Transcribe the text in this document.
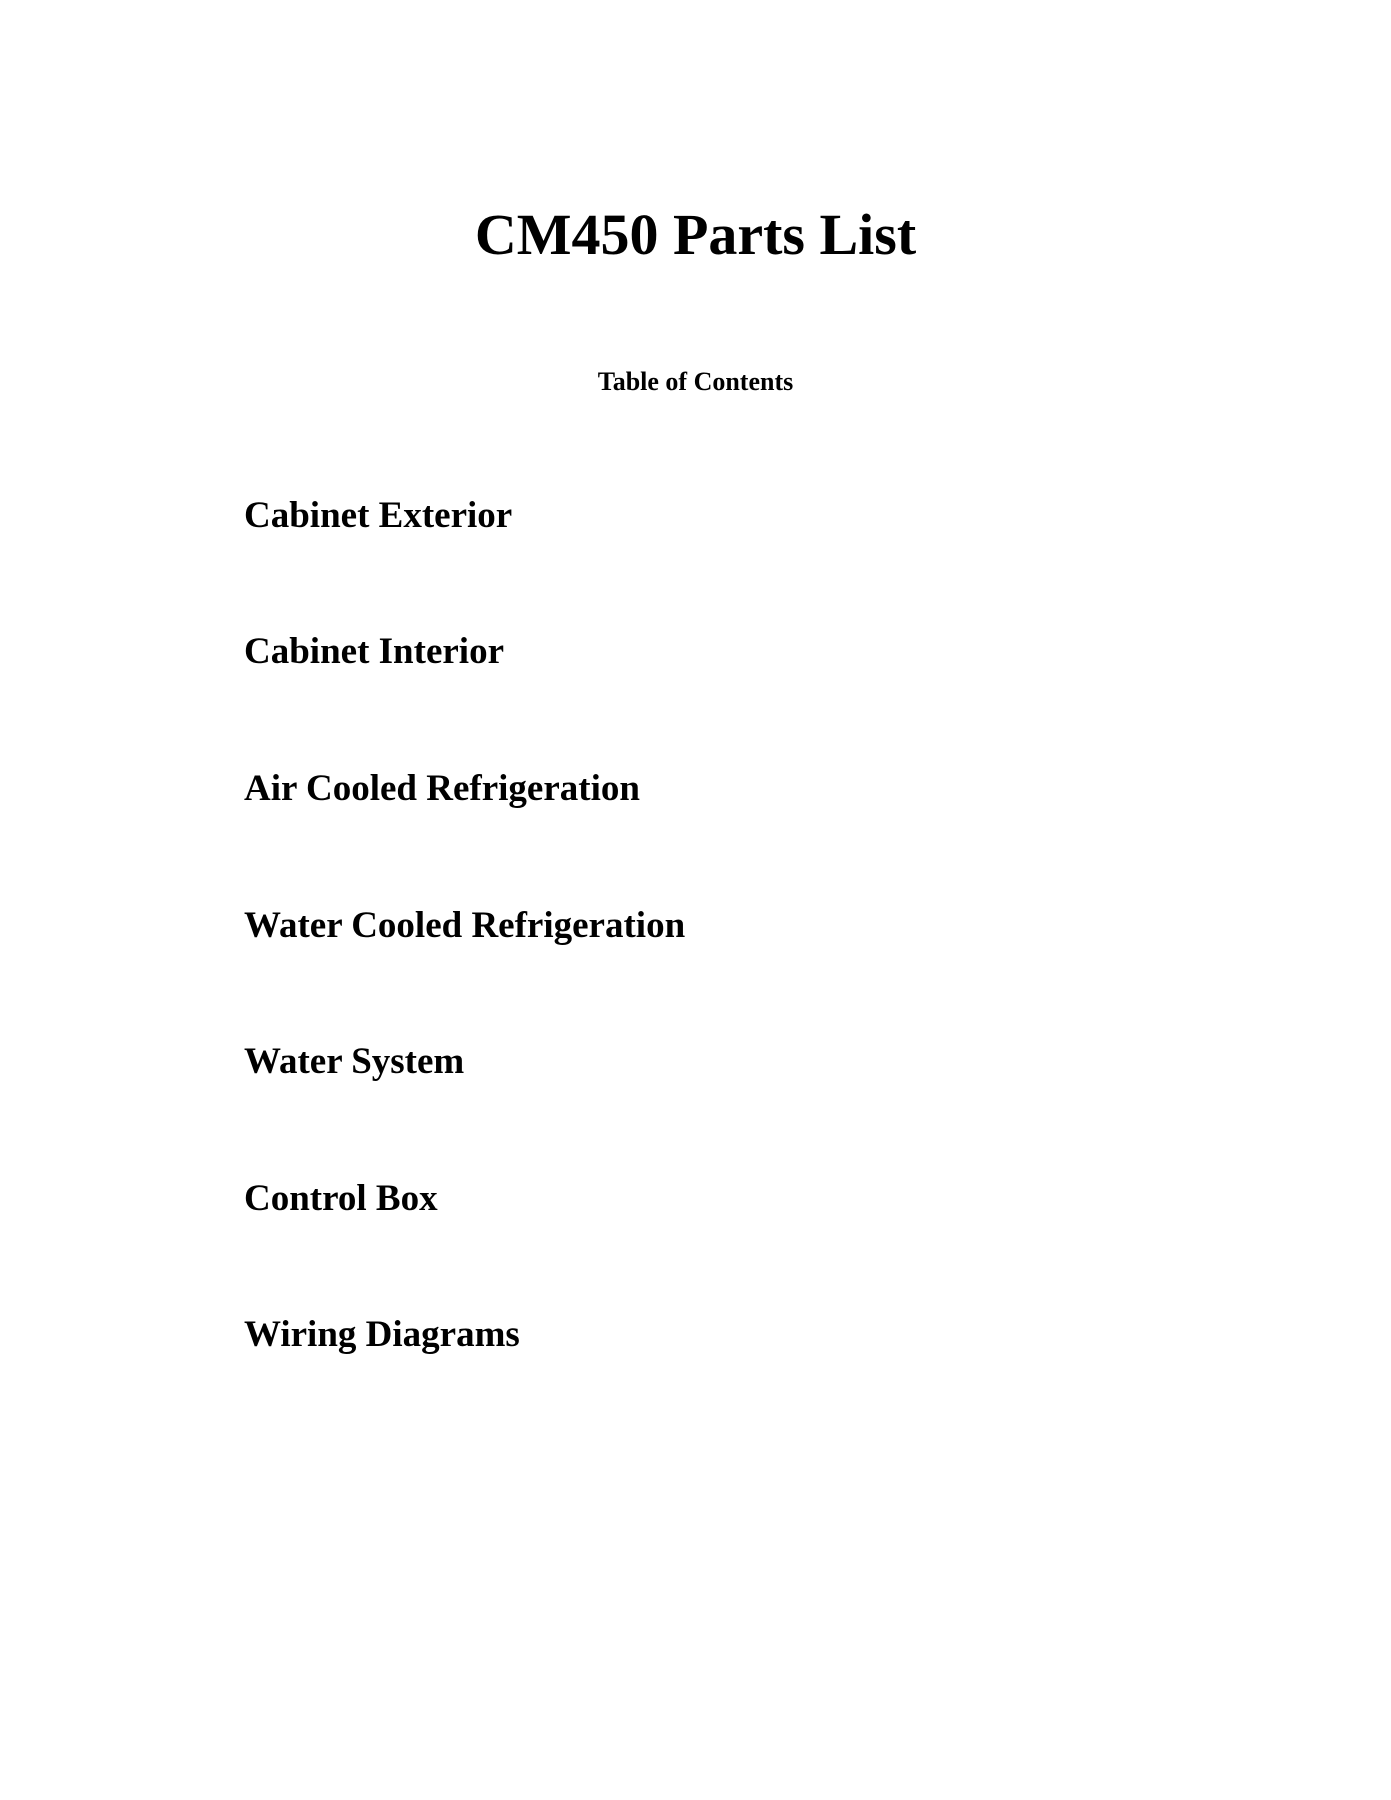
CM450 Parts List
Table of Contents
Cabinet Exterior
Cabinet Interior
Air Cooled Refrigeration
Water Cooled Refrigeration
Water System
Control Box
Wiring Diagrams
